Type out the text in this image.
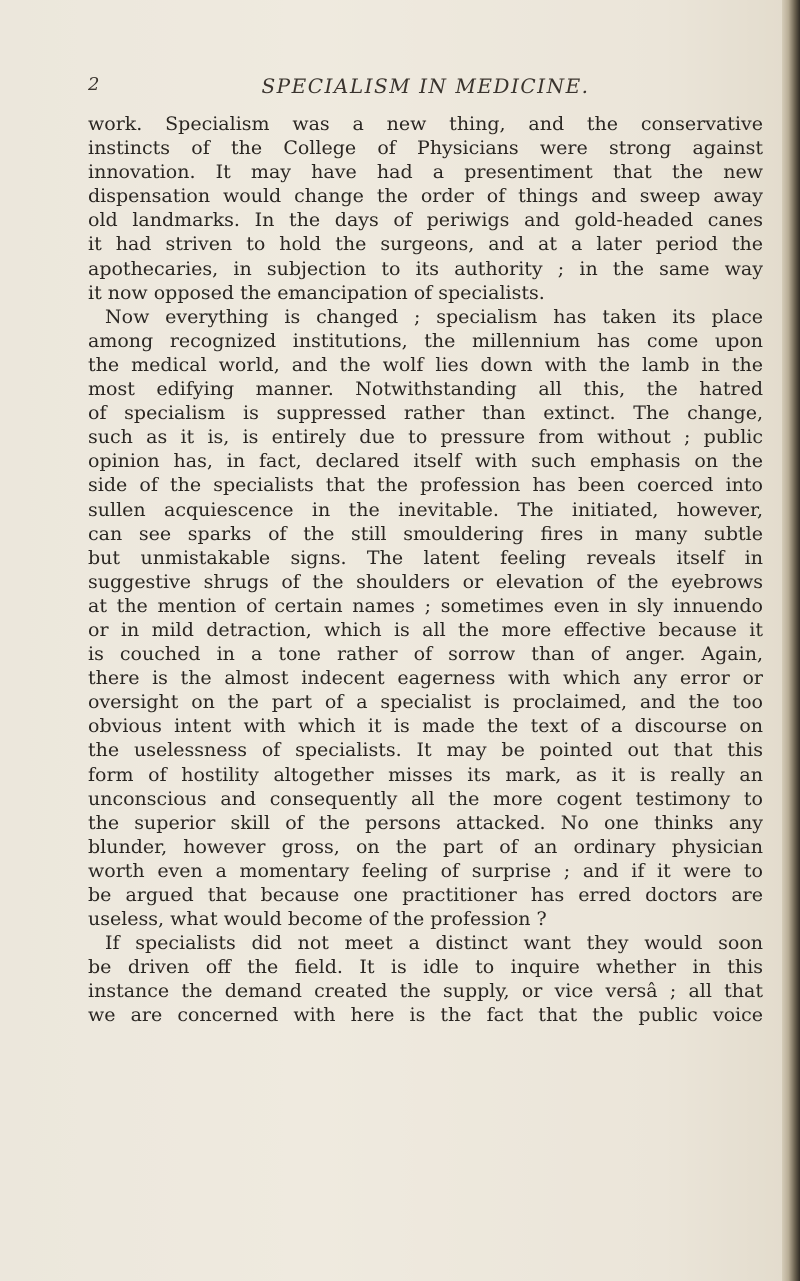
2	SPECIALISM IN MEDICINE.
work. Specialism was a new thing, and the conservative
instincts of the College of Physicians were strong against
innovation. It may have had a presentiment that the new
dispensation would change the order of things and sweep away
old landmarks. In the days of periwigs and gold-headed canes
it had striven to hold the surgeons, and at a later period the
apothecaries, in subjection to its authority ; in the same way
it now opposed the emancipation of specialists.
Now everything is changed ; specialism has taken its place
among recognized institutions, the millennium has come upon
the medical world, and the wolf lies down with the lamb in the
most edifying manner. Notwithstanding all this, the hatred
of specialism is suppressed rather than extinct. The change,
such as it is, is entirely due to pressure from without ; public
opinion has, in fact, declared itself with such emphasis on the
side of the specialists that the profession has been coerced into
sullen acquiescence in the inevitable. The initiated, however,
can see sparks of the still smouldering fires in many subtle
but unmistakable signs. The latent feeling reveals itself in
suggestive shrugs of the shoulders or elevation of the eyebrows
at the mention of certain names ; sometimes even in sly innuendo
or in mild detraction, which is all the more effective because it
is couched in a tone rather of sorrow than of anger. Again,
there is the almost indecent eagerness with which any error or
oversight on the part of a specialist is proclaimed, and the too
obvious intent with which it is made the text of a discourse on
the uselessness of specialists. It may be pointed out that this
form of hostility altogether misses its mark, as it is really an
unconscious and consequently all the more cogent testimony to
the superior skill of the persons attacked. No one thinks any
blunder, however gross, on the part of an ordinary physician
worth even a momentary feeling of surprise ; and if it were to
be argued that because one practitioner has erred doctors are
useless, what would become of the profession ?
If specialists did not meet a distinct want they would soon
be driven off the field. It is idle to inquire whether in this
instance the demand created the supply, or vice versâ ; all that
we are concerned with here is the fact that the public voice
